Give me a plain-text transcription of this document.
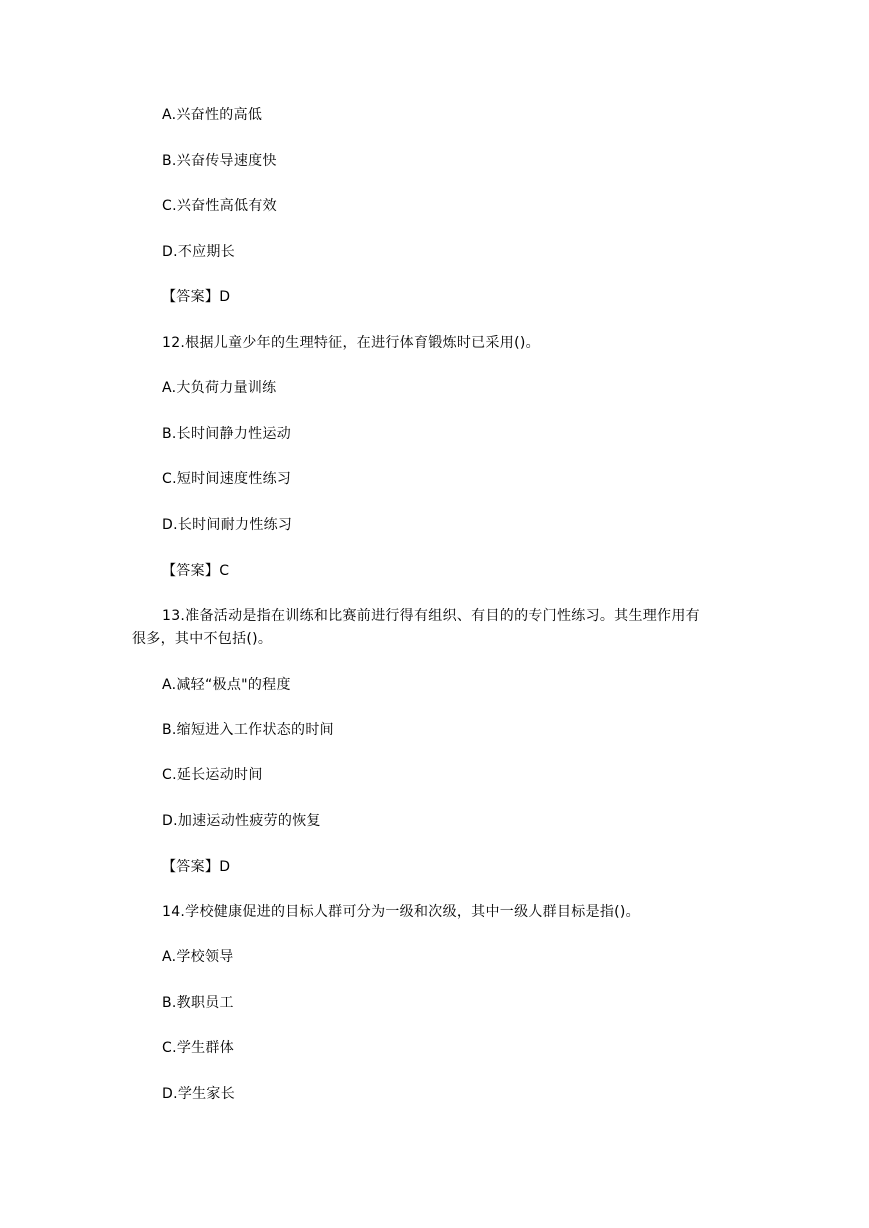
A.兴奋性的高低
B.兴奋传导速度快
C.兴奋性高低有效
D.不应期长
【答案】D
12.根据儿童少年的生理特征，在进行体育锻炼时已采用()。
A.大负荷力量训练
B.长时间静力性运动
C.短时间速度性练习
D.长时间耐力性练习
【答案】C
13.准备活动是指在训练和比赛前进行得有组织、有目的的专门性练习。其生理作用有
很多，其中不包括()。
A.减轻“极点"的程度
B.缩短进入工作状态的时间
C.延长运动时间
D.加速运动性疲劳的恢复
【答案】D
14.学校健康促进的目标人群可分为一级和次级，其中一级人群目标是指()。
A.学校领导
B.教职员工
C.学生群体
D.学生家长
